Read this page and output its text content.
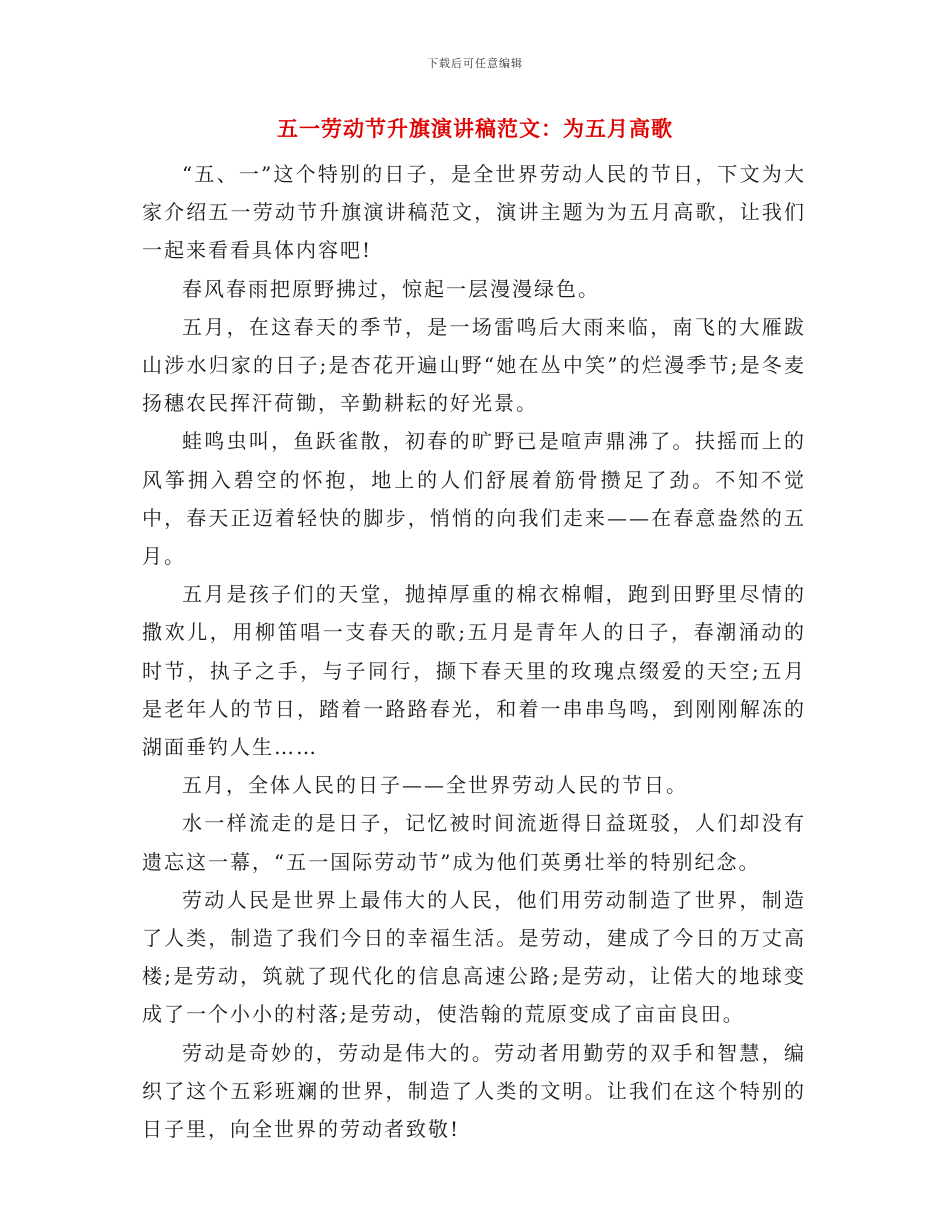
下载后可任意编辑
五一劳动节升旗演讲稿范文：为五月高歌

“五、一”这个特别的日子，是全世界劳动人民的节日，下文为大家介绍五一劳动节升旗演讲稿范文，演讲主题为为五月高歌，让我们一起来看看具体内容吧!

春风春雨把原野拂过，惊起一层漫漫绿色。

五月，在这春天的季节，是一场雷鸣后大雨来临，南飞的大雁跋山涉水归家的日子;是杏花开遍山野“她在丛中笑”的烂漫季节;是冬麦扬穗农民挥汗荷锄，辛勤耕耘的好光景。

蛙鸣虫叫，鱼跃雀散，初春的旷野已是喧声鼎沸了。扶摇而上的风筝拥入碧空的怀抱，地上的人们舒展着筋骨攒足了劲。不知不觉中，春天正迈着轻快的脚步，悄悄的向我们走来——在春意盎然的五月。

五月是孩子们的天堂，抛掉厚重的棉衣棉帽，跑到田野里尽情的撒欢儿，用柳笛唱一支春天的歌;五月是青年人的日子，春潮涌动的时节，执子之手，与子同行，撷下春天里的玫瑰点缀爱的天空;五月是老年人的节日，踏着一路路春光，和着一串串鸟鸣，到刚刚解冻的湖面垂钓人生……

五月，全体人民的日子——全世界劳动人民的节日。

水一样流走的是日子，记忆被时间流逝得日益斑驳，人们却没有遗忘这一幕，“五一国际劳动节”成为他们英勇壮举的特别纪念。

劳动人民是世界上最伟大的人民，他们用劳动制造了世界，制造了人类，制造了我们今日的幸福生活。是劳动，建成了今日的万丈高楼;是劳动，筑就了现代化的信息高速公路;是劳动，让偌大的地球变成了一个小小的村落;是劳动，使浩翰的荒原变成了亩亩良田。

劳动是奇妙的，劳动是伟大的。劳动者用勤劳的双手和智慧，编织了这个五彩班斓的世界，制造了人类的文明。让我们在这个特别的日子里，向全世界的劳动者致敬!
